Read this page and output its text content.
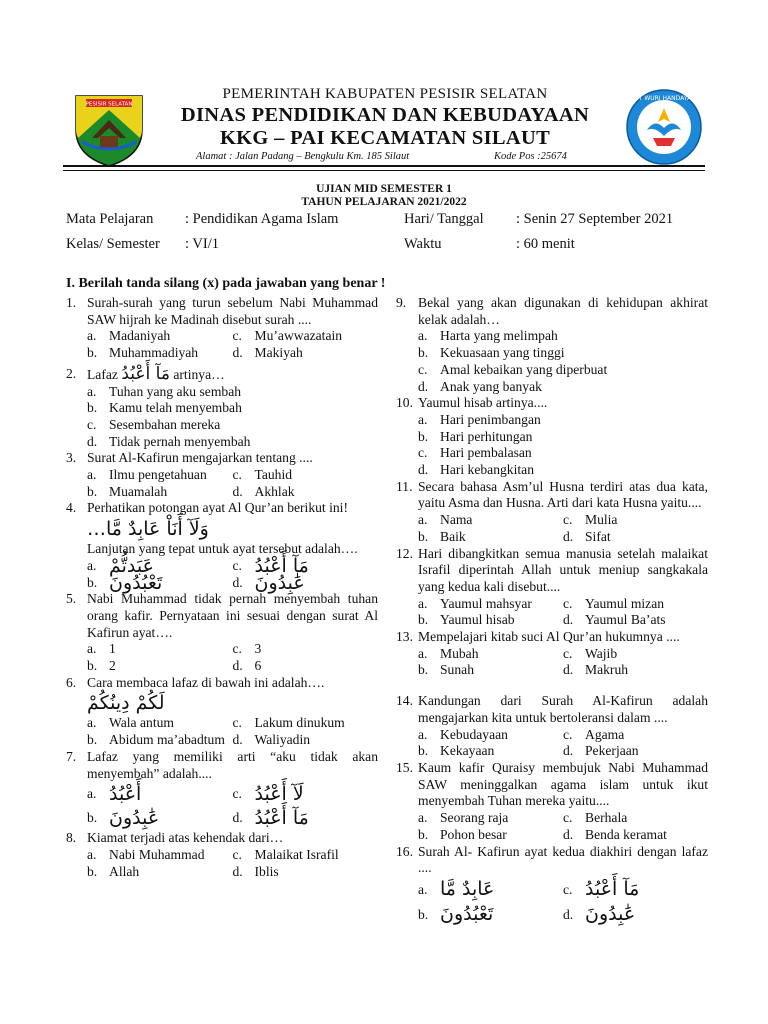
PESISIR SELATAN
TUT WURI HANDAYANI
PEMERINTAH KABUPATEN PESISIR SELATAN
DINAS PENDIDIKAN DAN KEBUDAYAAN
KKG – PAI KECAMATAN SILAUT
Alamat : Jalan Padang – Bengkulu Km. 185 Silaut	Kode Pos :25674
UJIAN MID SEMESTER 1
TAHUN PELAJARAN 2021/2022
Mata Pelajaran : Pendidikan Agama Islam	Hari/ Tanggal : Senin 27 September 2021
Kelas/ Semester : VI/1	Waktu	: 60 menit
I. Berilah tanda silang (x) pada jawaban yang benar !
1. Surah-surah yang turun sebelum Nabi Muhammad SAW hijrah ke Madinah disebut surah ....
a. Madaniyah	c. Mu’awwazatain
b. Muhammadiyah	d. Makiyah
2. Lafaz مَآ أَعْبُدُ artinya…
a. Tuhan yang aku sembah
b. Kamu telah menyembah
c. Sesembahan mereka
d. Tidak pernah menyembah
3. Surat Al-Kafirun mengajarkan tentang ....
a. Ilmu pengetahuan c. Tauhid
b. Muamalah	d. Akhlak
4. Perhatikan potongan ayat Al Qur’an berikut ini!
وَلَآ أَنَاْ عَابِدٌ مَّا…
Lanjutan yang tepat untuk ayat tersebut adalah….
a. عَبَدتُّمْ	c. مَآ أَعْبُدُ
b. تَعْبُدُونَ	d. عَٰبِدُونَ
5. Nabi Muhammad tidak pernah menyembah tuhan orang kafir. Pernyataan ini sesuai dengan surat Al Kafirun ayat….
a. 1	c. 3
b. 2	d. 6
6. Cara membaca lafaz di bawah ini adalah….
لَكُمْ دِينُكُمْ
a. Wala antum	c. Lakum dinukum
b. Abidum ma’abadtum d. Waliyadin
7. Lafaz yang memiliki arti “aku tidak akan menyembah” adalah....
a. أَعْبُدُ	c. لَآ أَعْبُدُ
b. عَٰبِدُونَ	d. مَآ أَعْبُدُ
8. Kiamat terjadi atas kehendak dari…
a. Nabi Muhammad c. Malaikat Israfil
b. Allah	d. Iblis
9. Bekal yang akan digunakan di kehidupan akhirat kelak adalah…
a. Harta yang melimpah
b. Kekuasaan yang tinggi
c. Amal kebaikan yang diperbuat
d. Anak yang banyak
10. Yaumul hisab artinya....
a. Hari penimbangan
b. Hari perhitungan
c. Hari pembalasan
d. Hari kebangkitan
11. Secara bahasa Asm’ul Husna terdiri atas dua kata, yaitu Asma dan Husna. Arti dari kata Husna yaitu....
a. Nama	c. Mulia
b. Baik	d. Sifat
12. Hari dibangkitkan semua manusia setelah malaikat Israfil diperintah Allah untuk meniup sangkakala yang kedua kali disebut....
a. Yaumul mahsyar c. Yaumul mizan
b. Yaumul hisab	d. Yaumul Ba’ats
13. Mempelajari kitab suci Al Qur’an hukumnya ....
a. Mubah	c. Wajib
b. Sunah	d. Makruh
14. Kandungan dari Surah Al-Kafirun adalah mengajarkan kita untuk bertoleransi dalam ....
a. Kebudayaan	c. Agama
b. Kekayaan	d. Pekerjaan
15. Kaum kafir Quraisy membujuk Nabi Muhammad SAW meninggalkan agama islam untuk ikut menyembah Tuhan mereka yaitu....
a. Seorang raja	c. Berhala
b. Pohon besar	d. Benda keramat
16. Surah Al- Kafirun ayat kedua diakhiri dengan lafaz ....
a. عَابِدٌ مَّا	c. مَآ أَعْبُدُ
b. تَعْبُدُونَ	d. عَٰبِدُونَ
